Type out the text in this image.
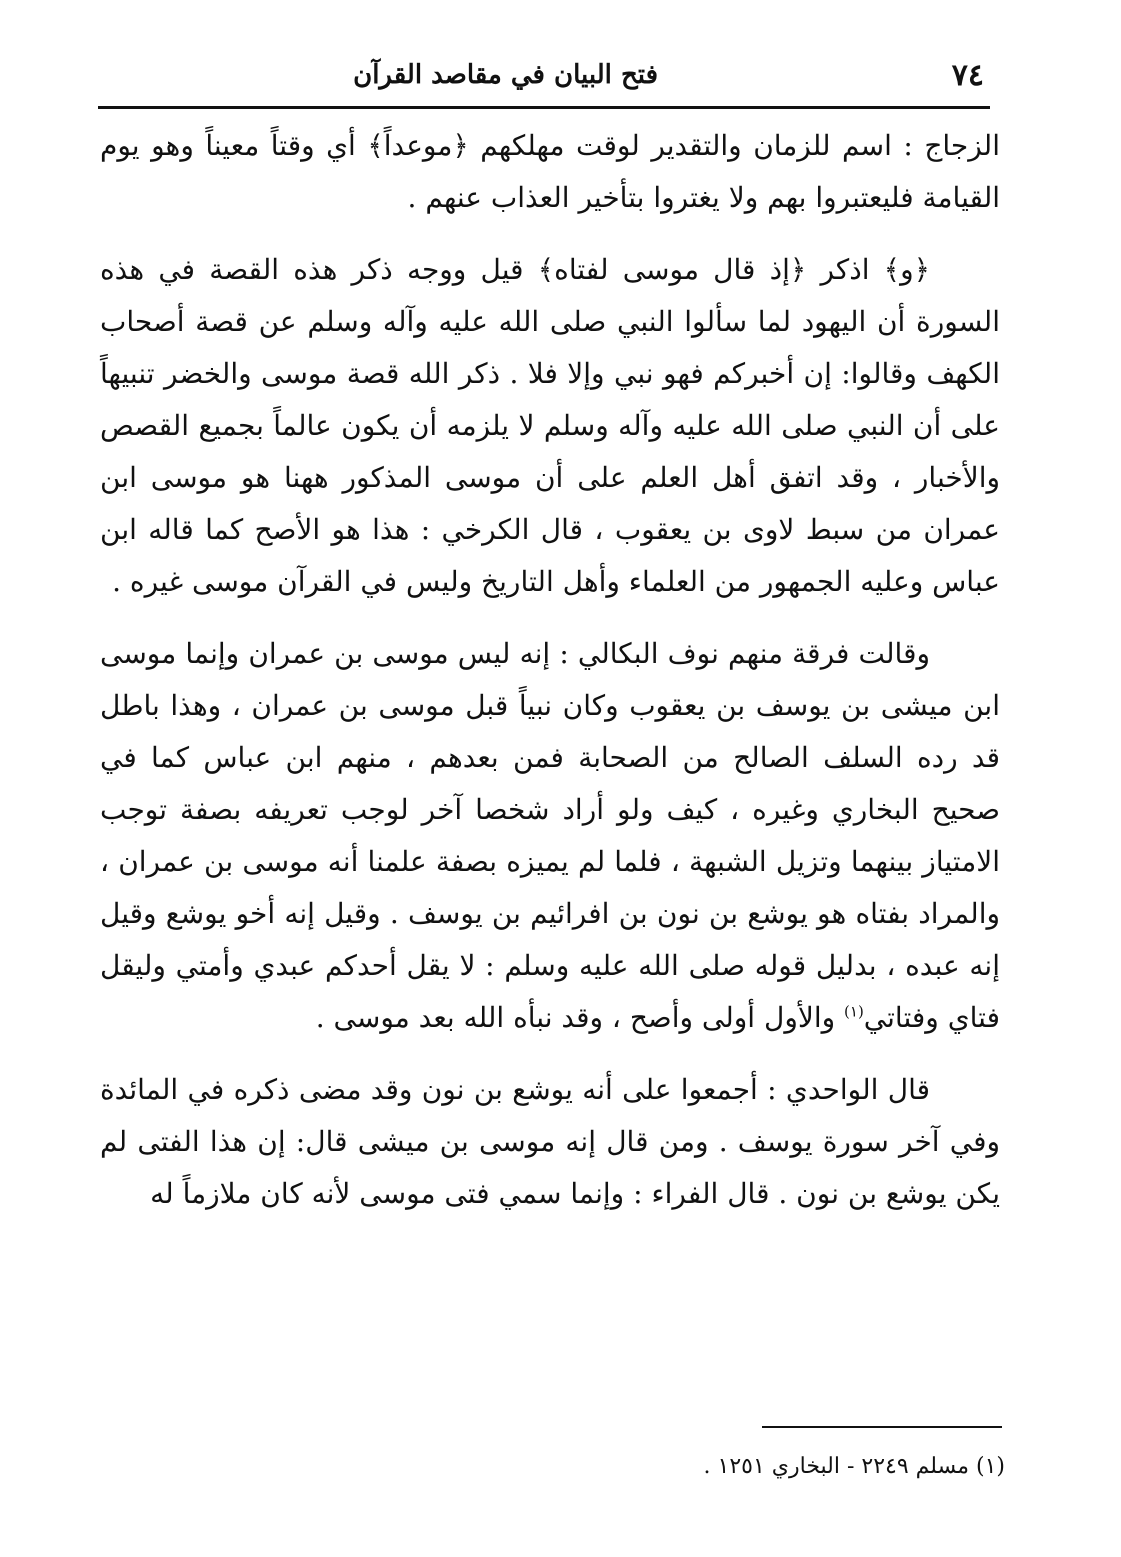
٧٤
فتح البيان في مقاصد القرآن

الزجاج : اسم للزمان والتقدير لوقت مهلكهم ﴿موعداً﴾ أي وقتاً معيناً وهو يوم القيامة فليعتبروا بهم ولا يغتروا بتأخير العذاب عنهم .

﴿و﴾ اذكر ﴿إذ قال موسى لفتاه﴾ قيل ووجه ذكر هذه القصة في هذه السورة أن اليهود لما سألوا النبي صلى الله عليه وآله وسلم عن قصة أصحاب الكهف وقالوا: إن أخبركم فهو نبي وإلا فلا . ذكر الله قصة موسى والخضر تنبيهاً على أن النبي صلى الله عليه وآله وسلم لا يلزمه أن يكون عالماً بجميع القصص والأخبار ، وقد اتفق أهل العلم على أن موسى المذكور ههنا هو موسى ابن عمران من سبط لاوى بن يعقوب ، قال الكرخي : هذا هو الأصح كما قاله ابن عباس وعليه الجمهور من العلماء وأهل التاريخ وليس في القرآن موسى غيره .

وقالت فرقة منهم نوف البكالي : إنه ليس موسى بن عمران وإنما موسى ابن ميشى بن يوسف بن يعقوب وكان نبياً قبل موسى بن عمران ، وهذا باطل قد رده السلف الصالح من الصحابة فمن بعدهم ، منهم ابن عباس كما في صحيح البخاري وغيره ، كيف ولو أراد شخصا آخر لوجب تعريفه بصفة توجب الامتياز بينهما وتزيل الشبهة ، فلما لم يميزه بصفة علمنا أنه موسى بن عمران ، والمراد بفتاه هو يوشع بن نون بن افرائيم بن يوسف . وقيل إنه أخو يوشع وقيل إنه عبده ، بدليل قوله صلى الله عليه وسلم : لا يقل أحدكم عبدي وأمتي وليقل فتاي وفتاتي$^{(١)}$ والأول أولى وأصح ، وقد نبأه الله بعد موسى .

قال الواحدي : أجمعوا على أنه يوشع بن نون وقد مضى ذكره في المائدة وفي آخر سورة يوسف . ومن قال إنه موسى بن ميشى قال: إن هذا الفتى لم يكن يوشع بن نون . قال الفراء : وإنما سمي فتى موسى لأنه كان ملازماً له

(١) مسلم ٢٢٤٩ - البخاري ١٢٥١ .
